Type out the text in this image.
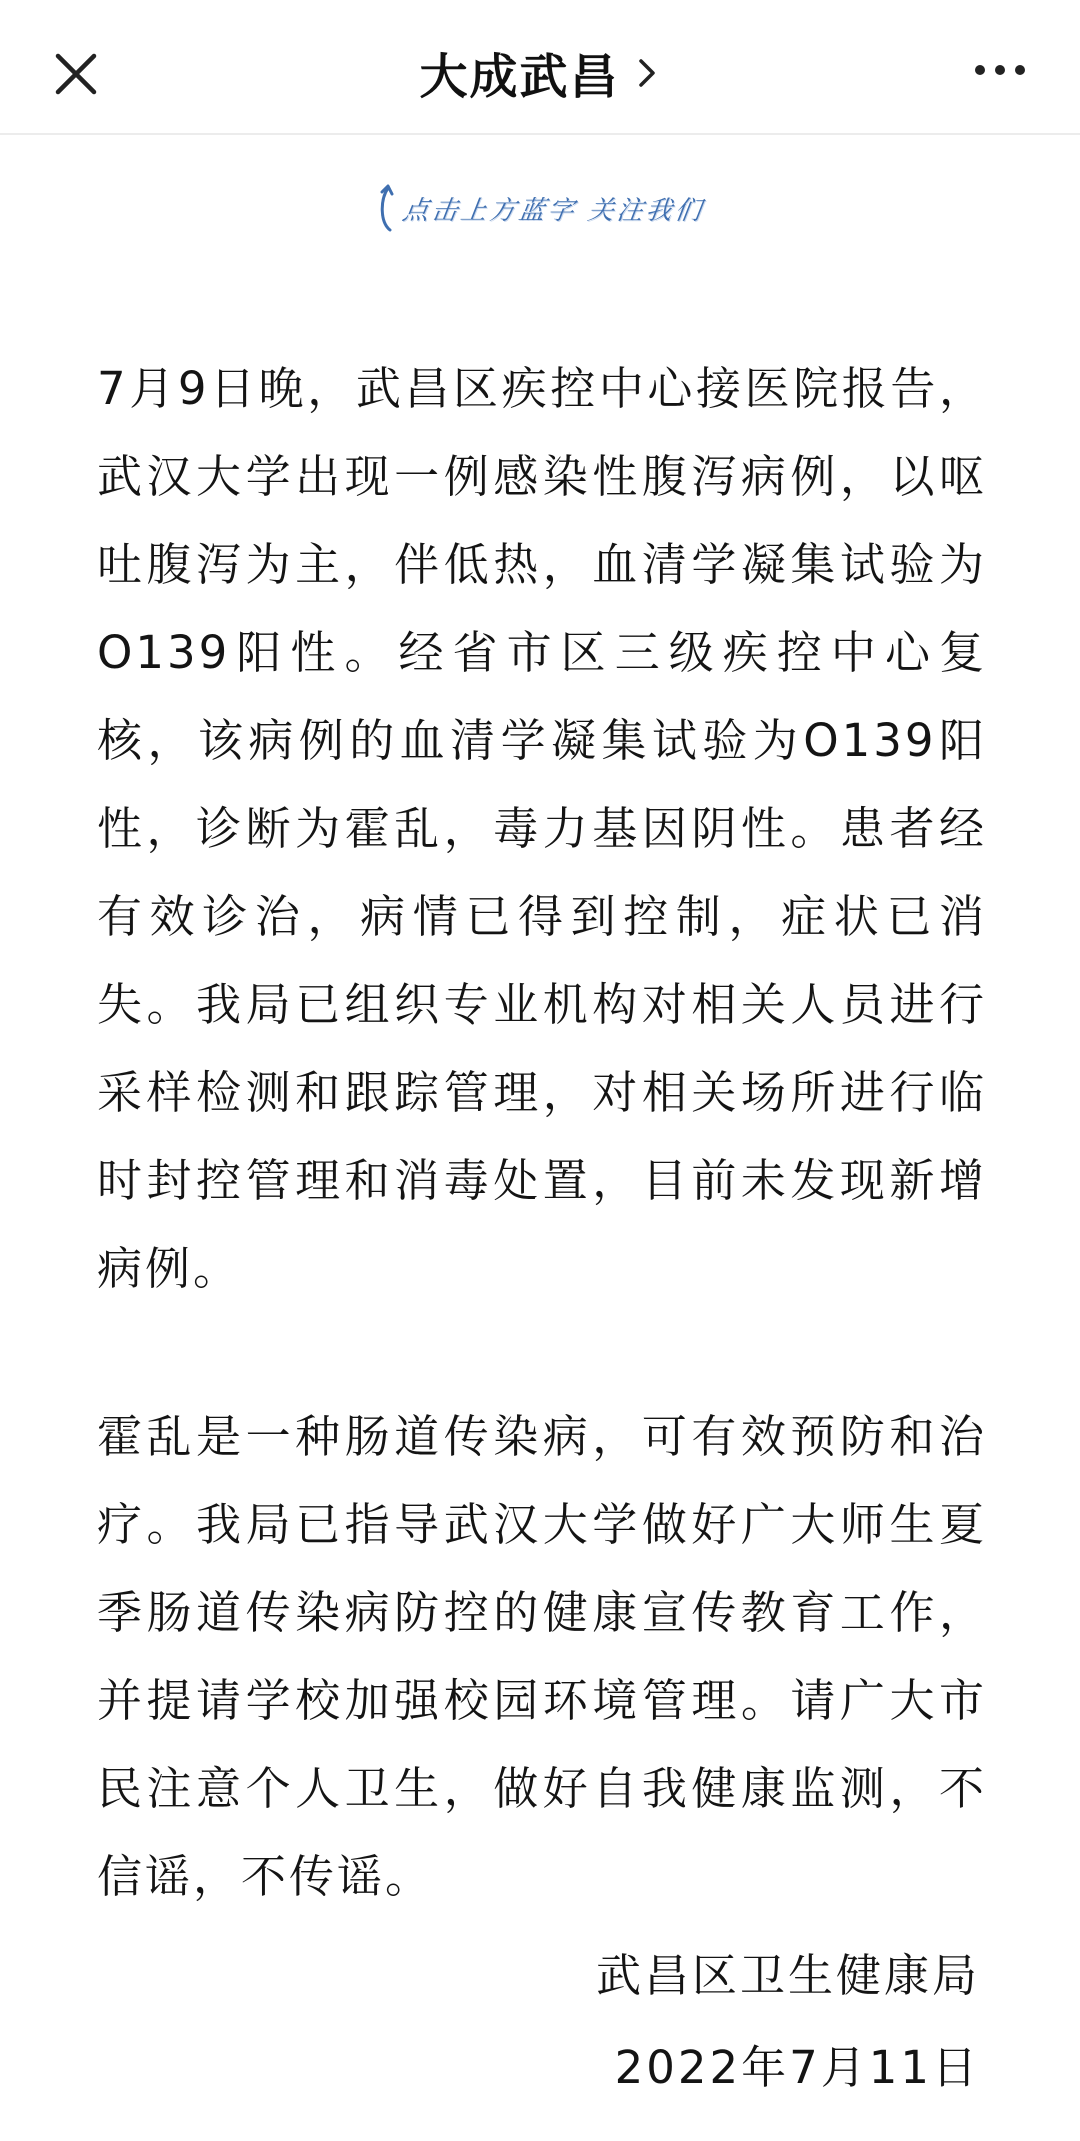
大成武昌
点击上方蓝字 关注我们

7月9日晚，武昌区疾控中心接医院报告，武汉大学出现一例感染性腹泻病例，以呕吐腹泻为主，伴低热，血清学凝集试验为O139阳性。经省市区三级疾控中心复核，该病例的血清学凝集试验为O139阳性，诊断为霍乱，毒力基因阴性。患者经有效诊治，病情已得到控制，症状已消失。我局已组织专业机构对相关人员进行采样检测和跟踪管理，对相关场所进行临时封控管理和消毒处置，目前未发现新增病例。

霍乱是一种肠道传染病，可有效预防和治疗。我局已指导武汉大学做好广大师生夏季肠道传染病防控的健康宣传教育工作，并提请学校加强校园环境管理。请广大市民注意个人卫生，做好自我健康监测，不信谣，不传谣。

武昌区卫生健康局
2022年7月11日
